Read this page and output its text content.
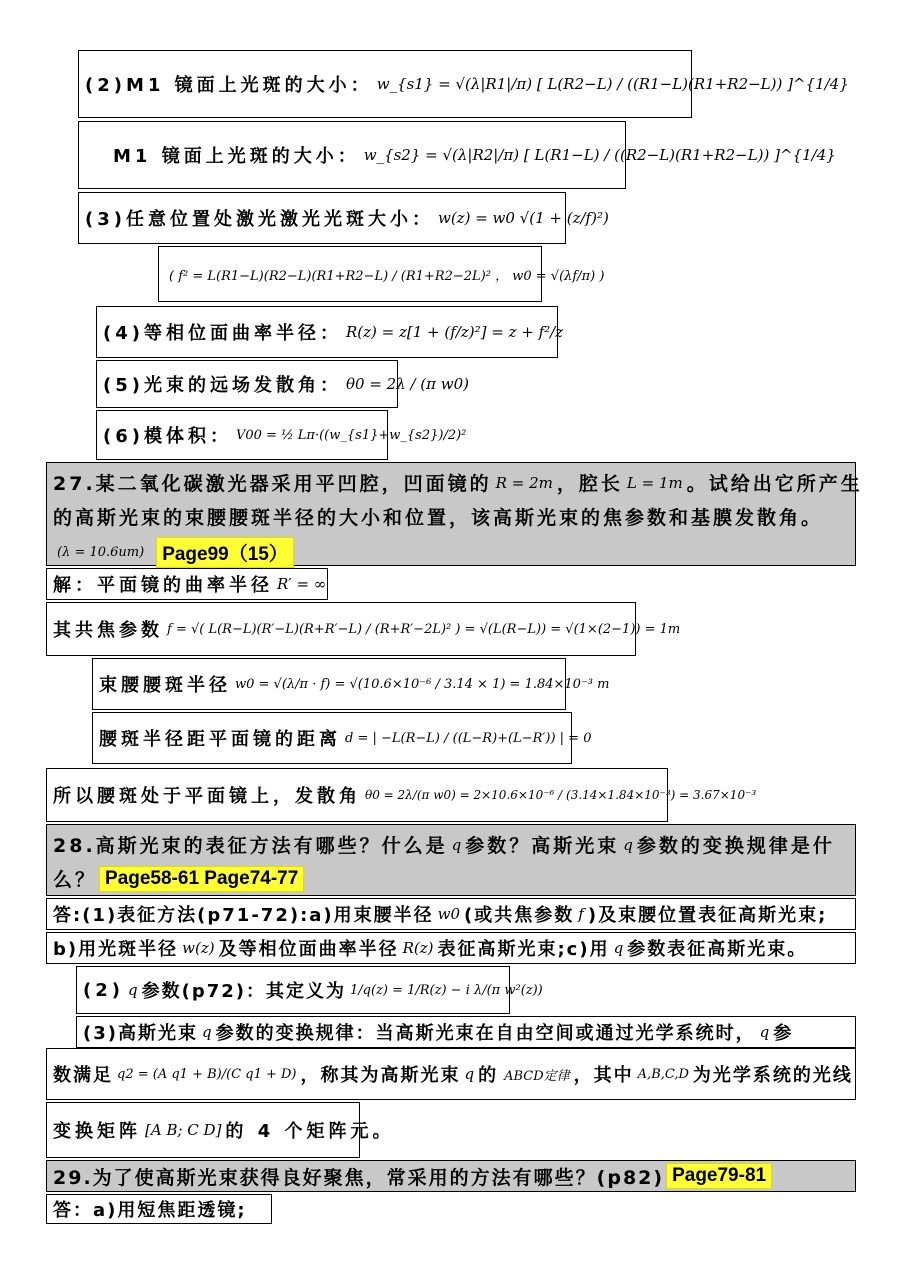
(2)M1 镜面上光斑的大小： w_{s1} = √(λ|R1|/π) [ L(R2−L) / ((R1−L)(R1+R2−L)) ]^{1/4}
M1 镜面上光斑的大小： w_{s2} = √(λ|R2|/π) [ L(R1−L) / ((R2−L)(R1+R2−L)) ]^{1/4}
(3)任意位置处激光激光光斑大小： w(z) = w0 √(1 + (z/f)²)
( f² = L(R1−L)(R2−L)(R1+R2−L) / (R1+R2−2L)² ， w0 = √(λf/π) )
(4)等相位面曲率半径： R(z) = z[1 + (f/z)²] = z + f²/z
(5)光束的远场发散角： θ0 = 2λ / (π w0)
(6)模体积： V00 = ½ Lπ·((w_{s1}+w_{s2})/2)²
27.某二氧化碳激光器采用平凹腔，凹面镜的 R = 2m ，腔长 L = 1m 。试给出它所产生
的高斯光束的束腰腰斑半径的大小和位置，该高斯光束的焦参数和基膜发散角。
(λ = 10.6um) Page99（15）
解：平面镜的曲率半径 R′ = ∞
其共焦参数 f = √( L(R−L)(R′−L)(R+R′−L) / (R+R′−2L)² ) = √(L(R−L)) = √(1×(2−1)) = 1m
束腰腰斑半径 w0 = √(λ/π · f) = √(10.6×10⁻⁶ / 3.14 × 1) = 1.84×10⁻³ m
腰斑半径距平面镜的距离 d = | −L(R−L) / ((L−R)+(L−R′)) | = 0
所以腰斑处于平面镜上，发散角 θ0 = 2λ/(π w0) = 2×10.6×10⁻⁶ / (3.14×1.84×10⁻³) = 3.67×10⁻³
28.高斯光束的表征方法有哪些？什么是 q 参数？高斯光束 q 参数的变换规律是什
么？ Page58-61 Page74-77
答:(1)表征方法(p71-72):a)用束腰半径 w0 (或共焦参数 f )及束腰位置表征高斯光束;
b)用光斑半径 w(z) 及等相位面曲率半径 R(z) 表征高斯光束;c)用 q 参数表征高斯光束。
(2) q 参数(p72)：其定义为 1/q(z) = 1/R(z) − i λ/(π w²(z))
(3)高斯光束 q 参数的变换规律：当高斯光束在自由空间或通过光学系统时， q 参
数满足 q2 = (A q1 + B)/(C q1 + D) ，称其为高斯光束 q 的 ABCD定律 ，其中 A,B,C,D 为光学系统的光线
变换矩阵 [A B; C D] 的 4 个矩阵元。
29.为了使高斯光束获得良好聚焦，常采用的方法有哪些？(p82) Page79-81
答：a)用短焦距透镜;
